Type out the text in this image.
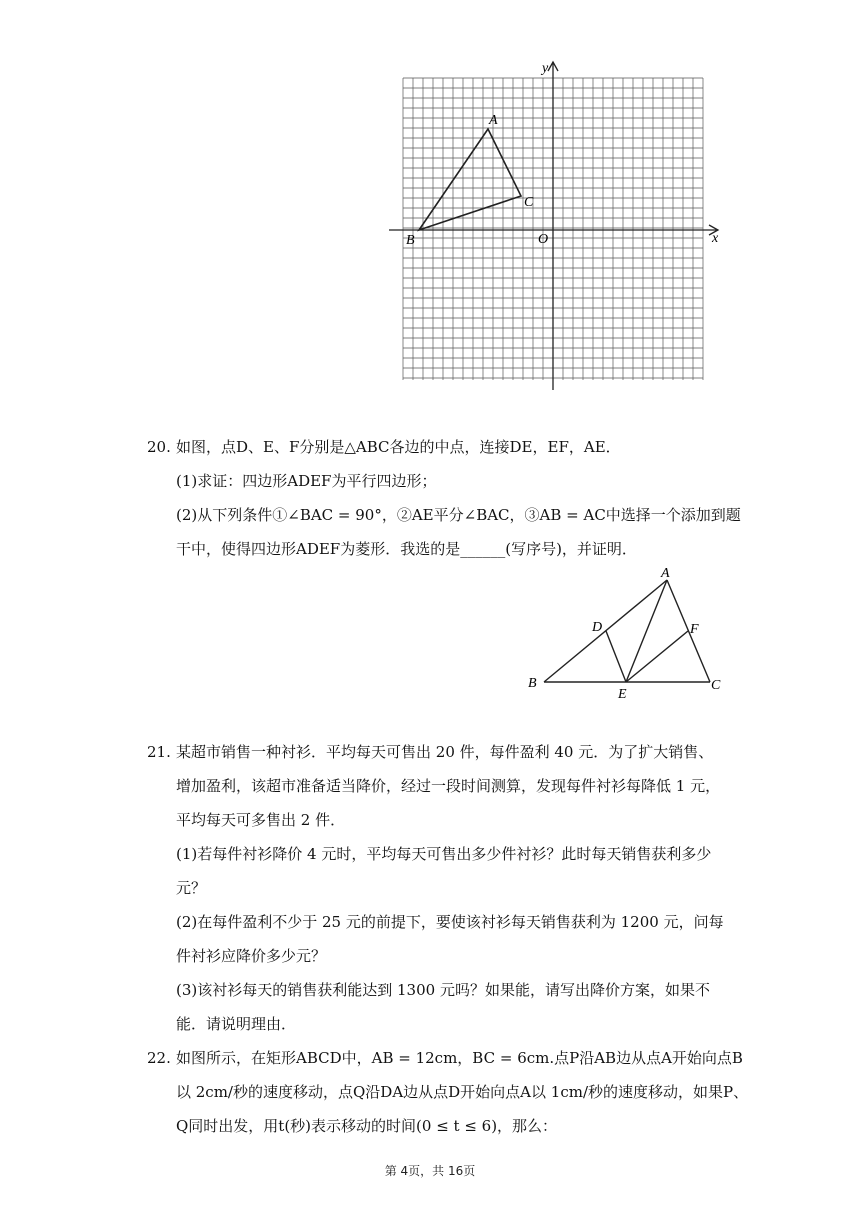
x
y
O
A
B
C
20. 如图，点D、E、F分别是△ABC各边的中点，连接DE，EF，AE．
(1)求证：四边形ADEF为平行四边形；
(2)从下列条件①∠BAC = 90°，②AE平分∠BAC，③AB = AC中选择一个添加到题
干中，使得四边形ADEF为菱形．我选的是______(写序号)，并证明．
A
B	C
D
E
F
21. 某超市销售一种衬衫．平均每天可售出 20 件，每件盈利 40 元．为了扩大销售、
增加盈利，该超市准备适当降价，经过一段时间测算，发现每件衬衫每降低 1 元，
平均每天可多售出 2 件．
(1)若每件衬衫降价 4 元时，平均每天可售出多少件衬衫？此时每天销售获利多少
元？
(2)在每件盈利不少于 25 元的前提下，要使该衬衫每天销售获利为 1200 元，问每
件衬衫应降价多少元？
(3)该衬衫每天的销售获利能达到 1300 元吗？如果能，请写出降价方案，如果不
能．请说明理由．
22. 如图所示，在矩形ABCD中，AB = 12cm，BC = 6cm.点P沿AB边从点A开始向点B
以 2cm/秒的速度移动，点Q沿DA边从点D开始向点A以 1cm/秒的速度移动，如果P、
Q同时出发，用t(秒)表示移动的时间(0 ≤ t ≤ 6)，那么：
第 4页，共 16页
